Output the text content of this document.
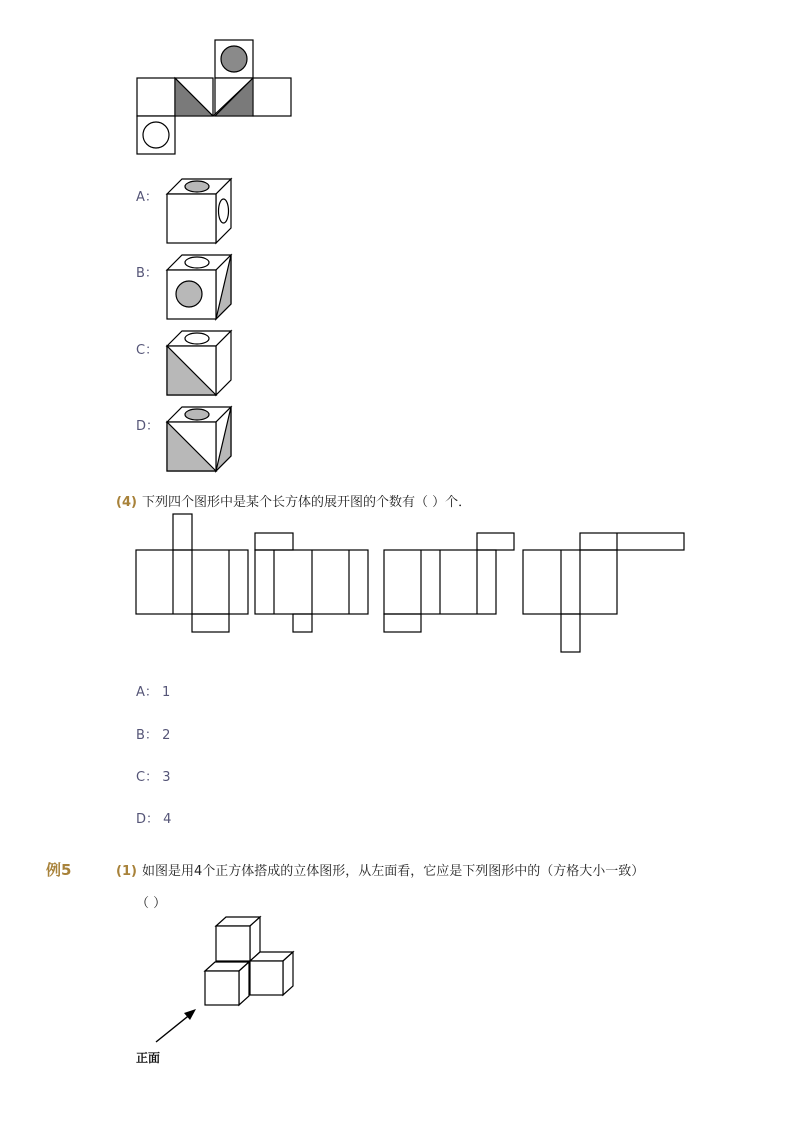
A：
B：
C：
D：
(4) 下列四个图形中是某个长方体的展开图的个数有（ ）个．
A： 1
B： 2
C： 3
D： 4
例5	(1) 如图是用4个正方体搭成的立体图形，从左面看，它应是下列图形中的（方格大小一致）
（ ）
正面
